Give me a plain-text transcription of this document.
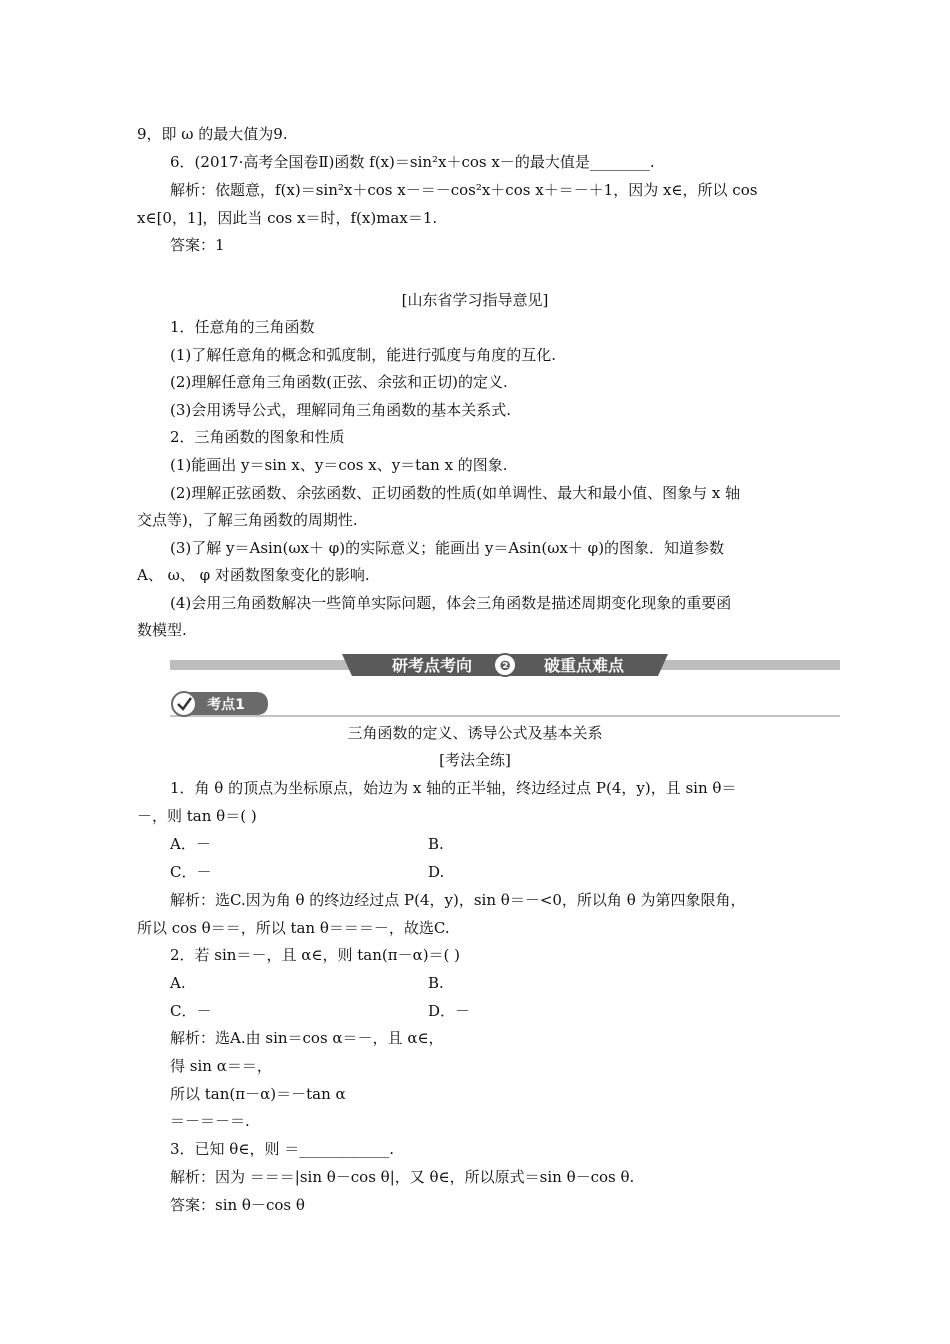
9，即 ω 的最大值为9.
6．(2017·高考全国卷Ⅱ)函数 f(x)＝sin²x＋cos x－的最大值是________.
解析：依题意，f(x)＝sin²x＋cos x－＝－cos²x＋cos x＋＝－＋1，因为 x∈，所以 cos
x∈[0，1]，因此当 cos x＝时，f(x)max＝1.
答案：1
[山东省学习指导意见]
1．任意角的三角函数
(1)了解任意角的概念和弧度制，能进行弧度与角度的互化.
(2)理解任意角三角函数(正弦、余弦和正切)的定义.
(3)会用诱导公式，理解同角三角函数的基本关系式.
2．三角函数的图象和性质
(1)能画出 y＝sin x、y＝cos x、y＝tan x 的图象.
(2)理解正弦函数、余弦函数、正切函数的性质(如单调性、最大和最小值、图象与 x 轴
交点等)，了解三角函数的周期性.
(3)了解 y＝Asin(ωx＋ φ)的实际意义；能画出 y＝Asin(ωx＋ φ)的图象．知道参数
A、 ω、 φ 对函数图象变化的影响.
(4)会用三角函数解决一些简单实际问题，体会三角函数是描述周期变化现象的重要函
数模型.
研考点考向 ❷ 破重点难点
考点1
三角函数的定义、诱导公式及基本关系
[考法全练]
1．角 θ 的顶点为坐标原点，始边为 x 轴的正半轴，终边经过点 P(4，y)，且 sin θ＝
－，则 tan θ＝( )
A．－	B.
C．－	D.
解析：选C.因为角 θ 的终边经过点 P(4，y)，sin θ＝－<0，所以角 θ 为第四象限角，
所以 cos θ＝＝，所以 tan θ＝＝＝－，故选C.
2．若 sin＝－，且 α∈，则 tan(π－α)＝( )
A.	B.
C．－	D．－
解析：选A.由 sin＝cos α＝－，且 α∈，
得 sin α＝＝，
所以 tan(π－α)＝－tan α
＝－＝－＝.
3．已知 θ∈，则 ＝____________.
解析：因为 ＝＝＝|sin θ－cos θ|，又 θ∈，所以原式＝sin θ－cos θ.
答案：sin θ－cos θ
